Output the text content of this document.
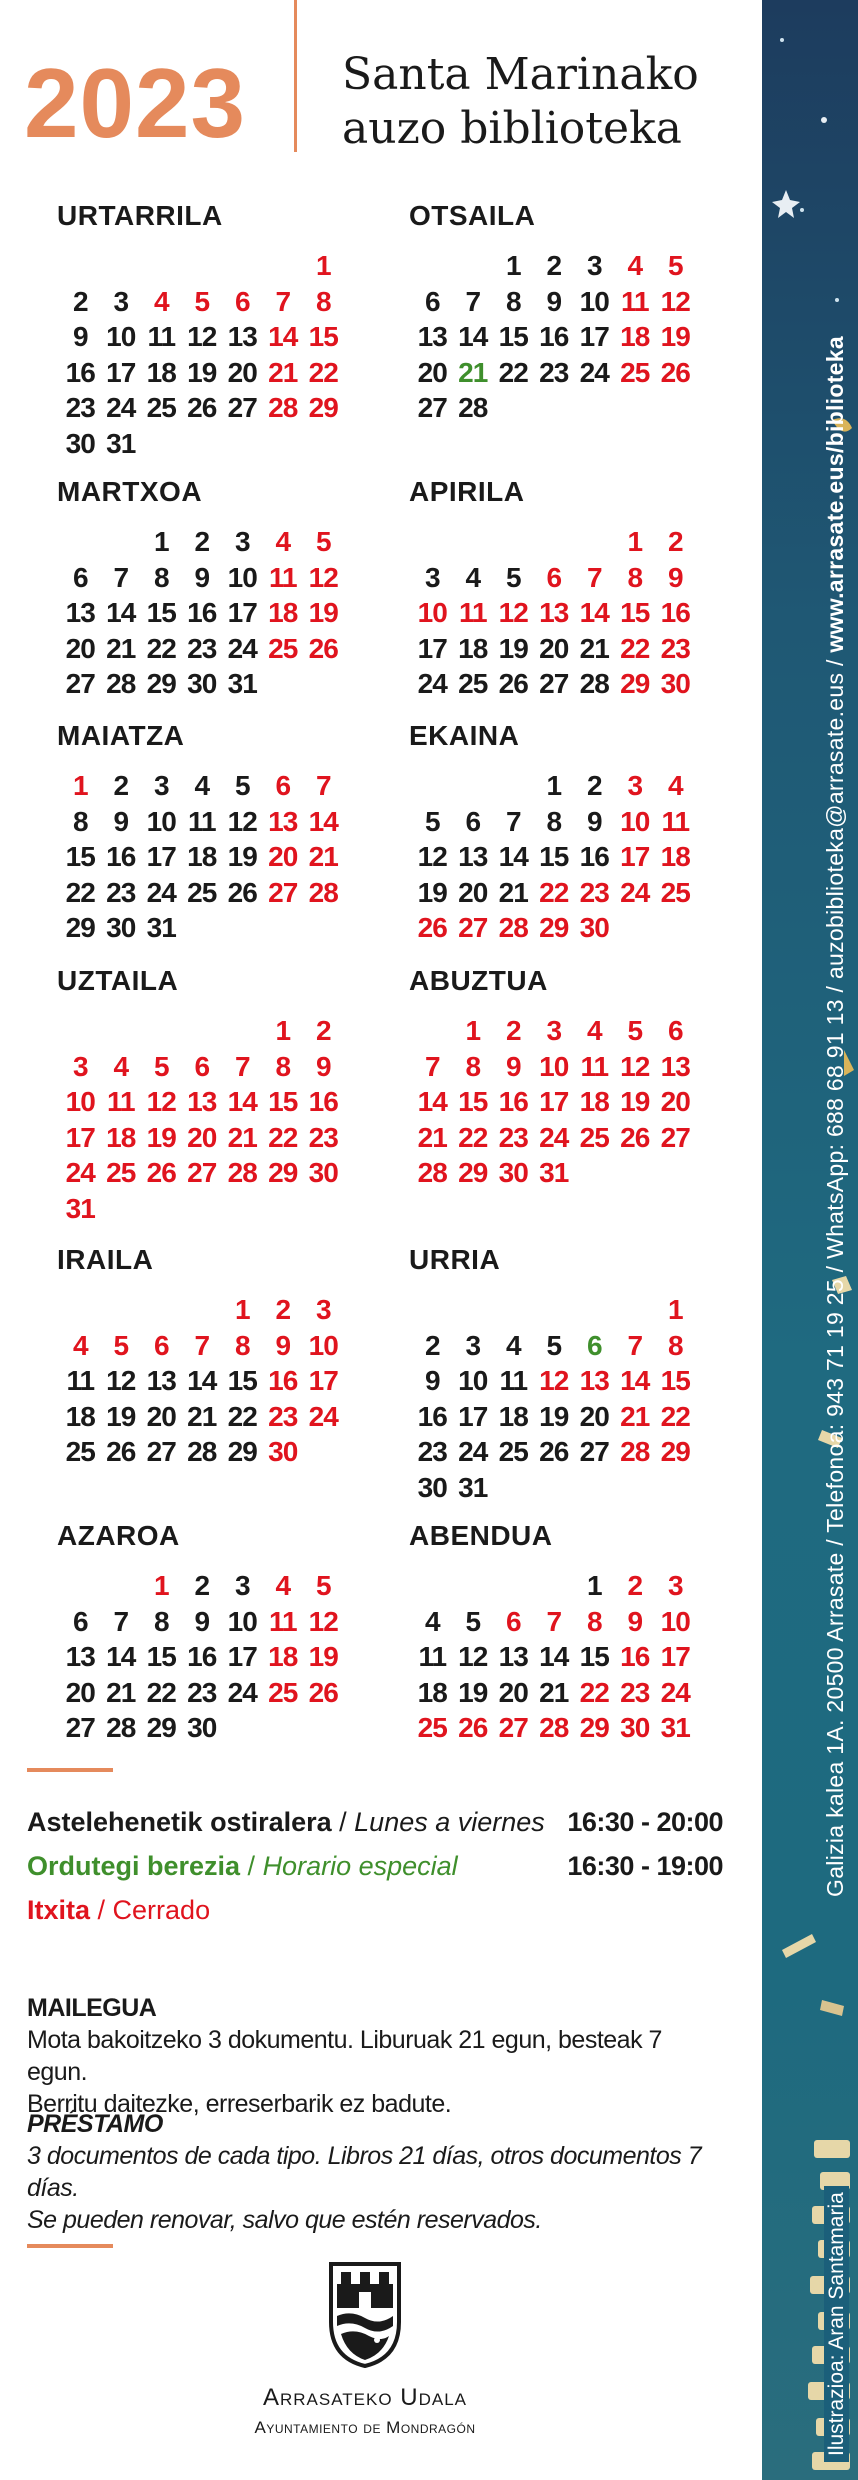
2023 Santa Marinako
auzo biblioteka
URTARRILA
1
2 3 4 5 6 7 8
9 10 11 12 13 14 15
16 17 18 19 20 21 22
23 24 25 26 27 28 29
30 31
OTSAILA
1 2 3 4 5
6 7 8 9 10 11 12
13 14 15 16 17 18 19
20 21 22 23 24 25 26
27 28
MARTXOA
1 2 3 4 5
6 7 8 9 10 11 12
13 14 15 16 17 18 19
20 21 22 23 24 25 26
27 28 29 30 31
APIRILA
1 2
3 4 5 6 7 8 9
10 11 12 13 14 15 16
17 18 19 20 21 22 23
24 25 26 27 28 29 30
MAIATZA
1 2 3 4 5 6 7
8 9 10 11 12 13 14
15 16 17 18 19 20 21
22 23 24 25 26 27 28
29 30 31
EKAINA
1 2 3 4
5 6 7 8 9 10 11
12 13 14 15 16 17 18
19 20 21 22 23 24 25
26 27 28 29 30
UZTAILA
1 2
3 4 5 6 7 8 9
10 11 12 13 14 15 16
17 18 19 20 21 22 23
24 25 26 27 28 29 30
31
ABUZTUA
1 2 3 4 5 6
7 8 9 10 11 12 13
14 15 16 17 18 19 20
21 22 23 24 25 26 27
28 29 30 31
IRAILA
1 2 3
4 5 6 7 8 9 10
11 12 13 14 15 16 17
18 19 20 21 22 23 24
25 26 27 28 29 30
URRIA
1
2 3 4 5 6 7 8
9 10 11 12 13 14 15
16 17 18 19 20 21 22
23 24 25 26 27 28 29
30 31
AZAROA
1 2 3 4 5
6 7 8 9 10 11 12
13 14 15 16 17 18 19
20 21 22 23 24 25 26
27 28 29 30
ABENDUA
1 2 3
4 5 6 7 8 9 10
11 12 13 14 15 16 17
18 19 20 21 22 23 24
25 26 27 28 29 30 31
Astelehenetik ostiralera / Lunes a viernes 16:30 - 20:00
Ordutegi berezia / Horario especial	16:30 - 19:00
Itxita / Cerrado
MAILEGUA

Mota bakoitzeko 3 dokumentu. Liburuak 21 egun, besteak 7 egun.

Berritu daitezke, erreserbarik ez badute.

PRÉSTAMO

3 documentos de cada tipo. Libros 21 días, otros documentos 7 días.

Se pueden renovar, salvo que estén reservados.

Arrasateko Udala
Ayuntamiento de Mondragón
Galizia kalea 1A. 20500 Arrasate / Telefonoa: 943 71 19 25 / WhatsApp: 688 68 91 13 / auzobiblioteka@arrasate.eus / www.arrasate.eus/biblioteka
Ilustrazioa: Aran Santamaria
